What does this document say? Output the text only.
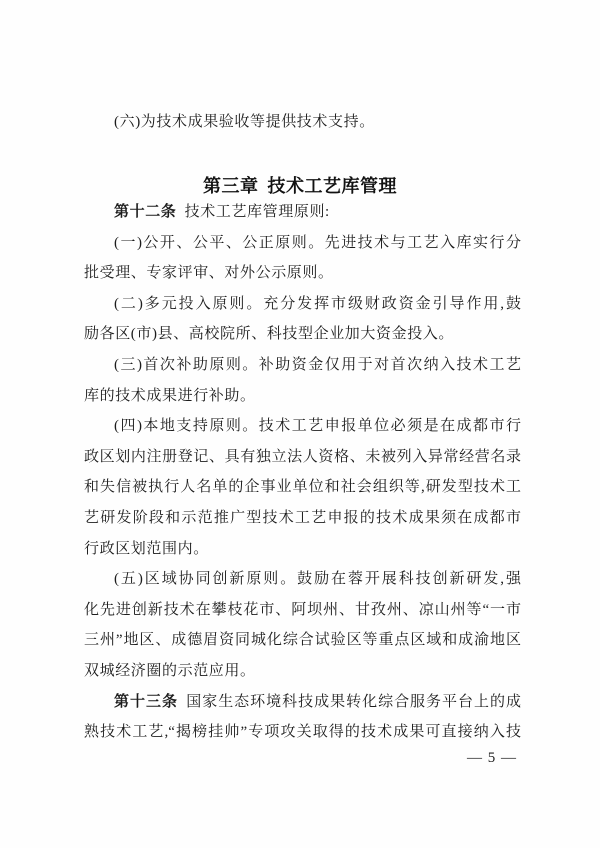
(六)为技术成果验收等提供技术支持。
第三章 技术工艺库管理
第十二条 技术工艺库管理原则:
(一)公开、公平、公正原则。先进技术与工艺入库实行分
批受理、专家评审、对外公示原则。
(二)多元投入原则。充分发挥市级财政资金引导作用,鼓
励各区(市)县、高校院所、科技型企业加大资金投入。
(三)首次补助原则。补助资金仅用于对首次纳入技术工艺
库的技术成果进行补助。
(四)本地支持原则。技术工艺申报单位必须是在成都市行
政区划内注册登记、具有独立法人资格、未被列入异常经营名录
和失信被执行人名单的企事业单位和社会组织等,研发型技术工
艺研发阶段和示范推广型技术工艺申报的技术成果须在成都市
行政区划范围内。
(五)区域协同创新原则。鼓励在蓉开展科技创新研发,强
化先进创新技术在攀枝花市、阿坝州、甘孜州、凉山州等“一市
三州”地区、成德眉资同城化综合试验区等重点区域和成渝地区
双城经济圈的示范应用。
第十三条 国家生态环境科技成果转化综合服务平台上的成
熟技术工艺,“揭榜挂帅”专项攻关取得的技术成果可直接纳入技
— 5 —
